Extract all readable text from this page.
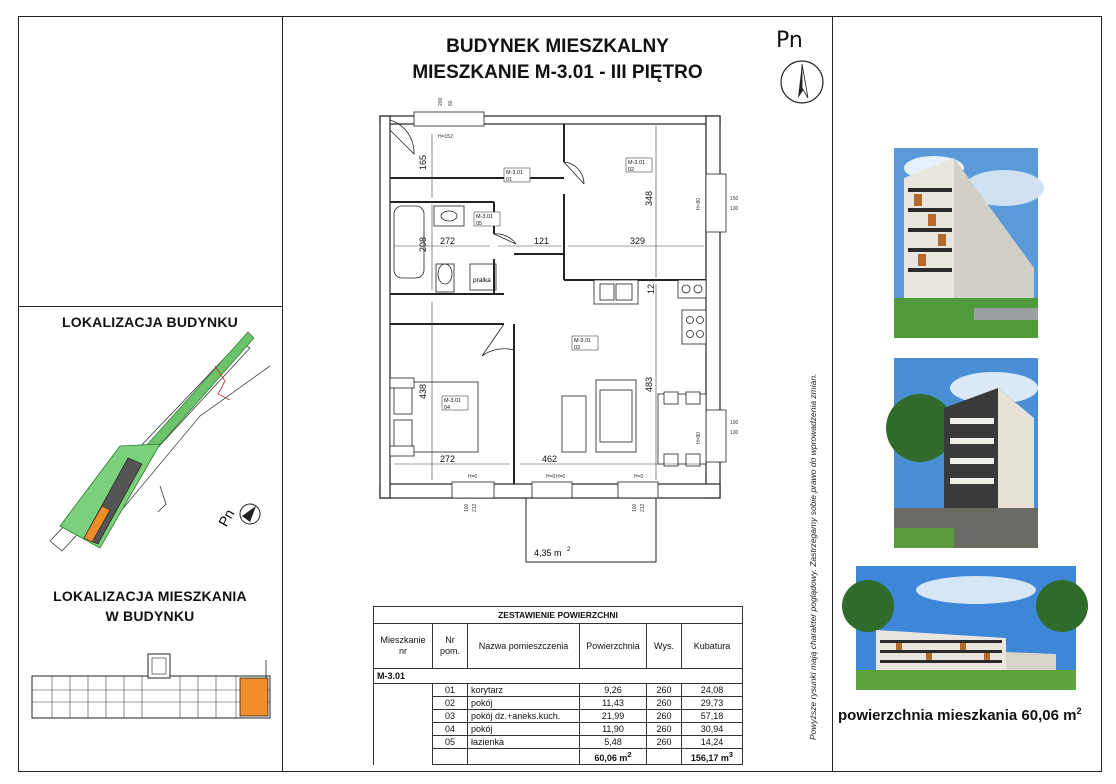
LOKALIZACJA BUDYNKU
Pn
LOKALIZACJA MIESZKANIA
W BUDYNKU
BUDYNEK MIESZKALNY
MIESZKANIE M-3.01 - III PIĘTRO
Pn
4,35 m 2
pralka
165
208 272	121	329
348
12
438
272	462
483
200 60
H=152
H=80	150
130
H=80
100
130
H=0	H=0	H=0
H=0
100 212	100 212
M-3.01
01
M-3.01
02
M-3.01
05
M-3.01
03
M-3.01
04
ZESTAWIENIE POWIERZCHNI					
Mieszkanie nr	Nr pom.	Nazwa pomieszczenia	Powierzchnia	Wys.	Kubatura
M-3.01					
	01	korytarz	9,26	260	24,08
	02	pokój	11,43	260	29,73
	03	pokój dz.+aneks.kuch.	21,99	260	57,18
	04	pokój	11,90	260	30,94
	05	łazienka	5,48	260	14,24
			60,06 $m^2$		156,17 $m^3$
Powyższe rysunki mają charakter poglądowy. Zastrzegamy sobie prawo do wprowadzenia zmian. powierzchnia mieszkania 60,06 $m^2$
